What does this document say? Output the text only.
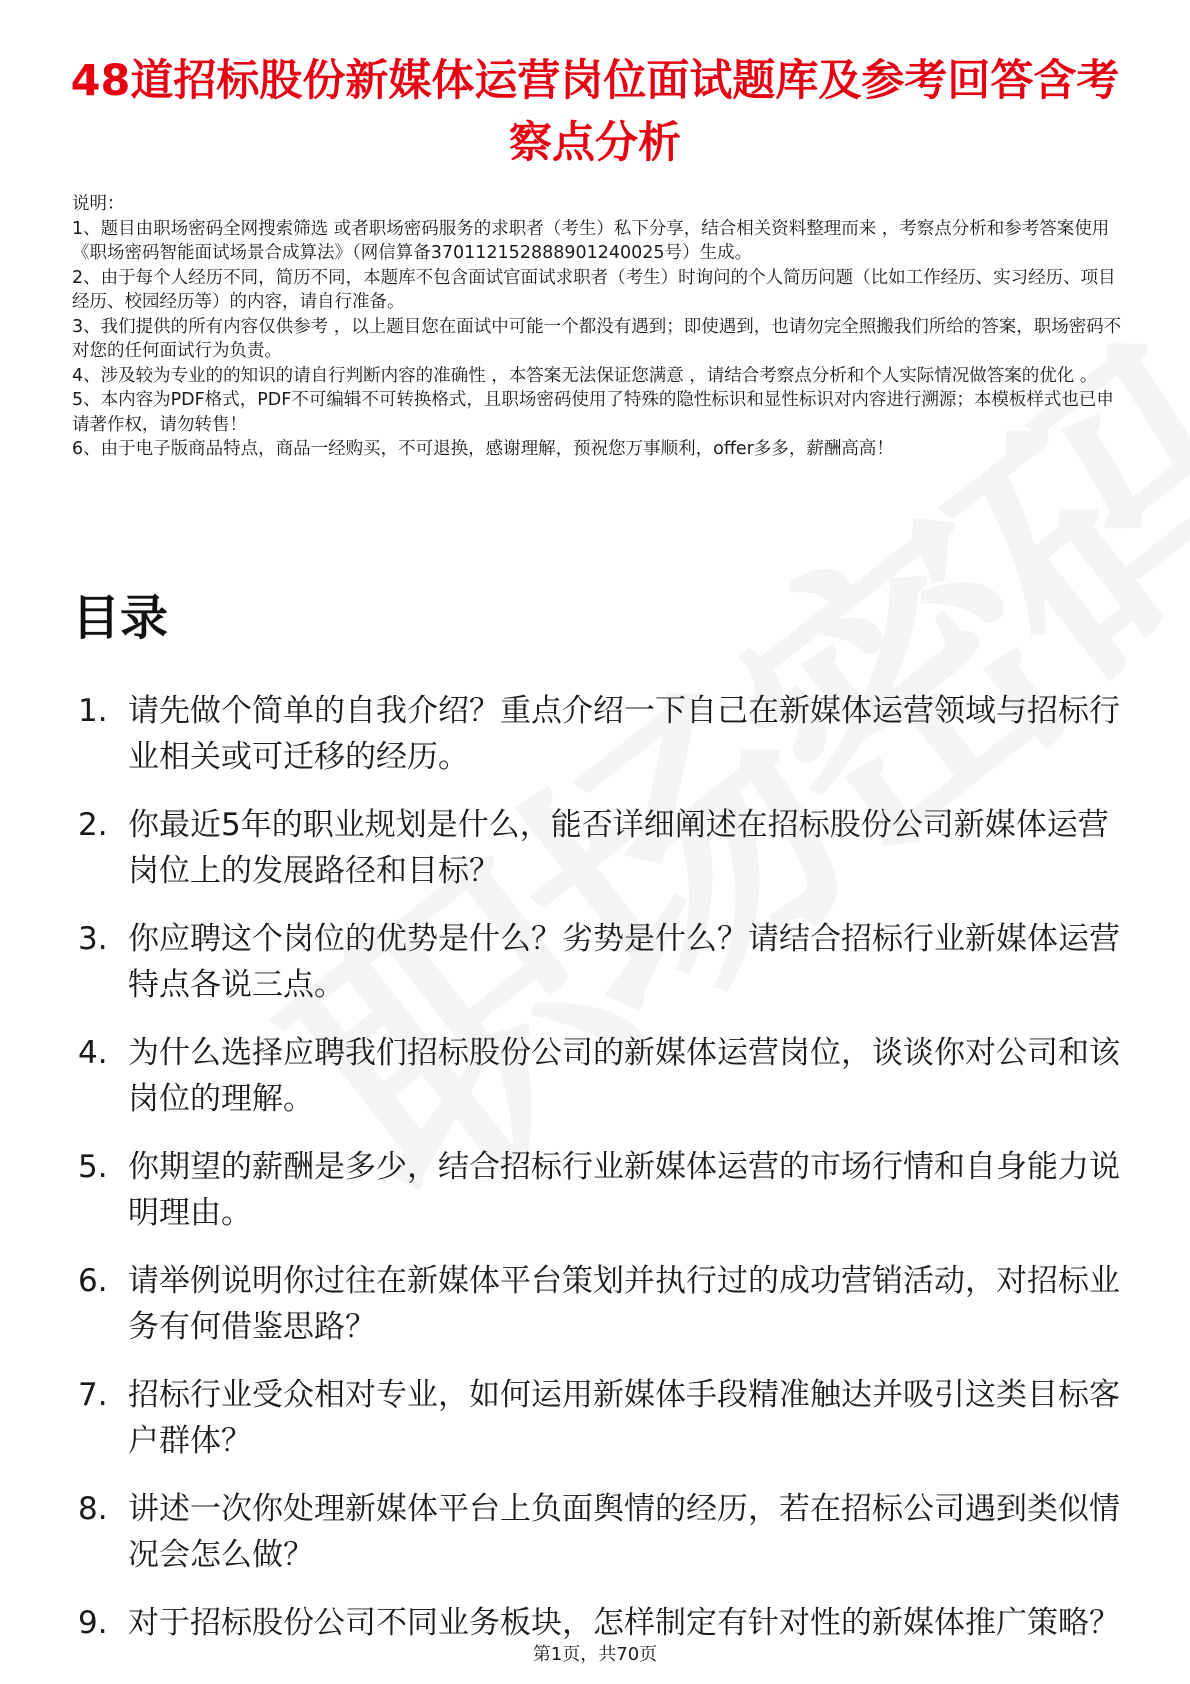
48道招标股份新媒体运营岗位面试题库及参考回答含考察点分析

说明：

1、题目由职场密码全网搜索筛选 或者职场密码服务的求职者（考生）私下分享，结合相关资料整理而来 ，考察点分析和参考答案使用《职场密码智能面试场景合成算法》（网信算备370112152888901240025号）生成。

2、由于每个人经历不同，简历不同，本题库不包含面试官面试求职者（考生）时询问的个人简历问题（比如工作经历、实习经历、项目经历、校园经历等）的内容，请自行准备。

3、我们提供的所有内容仅供参考 ，以上题目您在面试中可能一个都没有遇到；即使遇到，也请勿完全照搬我们所给的答案，职场密码不对您的任何面试行为负责。

4、涉及较为专业的的知识的请自行判断内容的准确性 ，本答案无法保证您满意 ，请结合考察点分析和个人实际情况做答案的优化 。

5、本内容为PDF格式，PDF不可编辑不可转换格式，且职场密码使用了特殊的隐性标识和显性标识对内容进行溯源；本模板样式也已申请著作权，请勿转售！

6、由于电子版商品特点，商品一经购买，不可退换，感谢理解，预祝您万事顺利，offer多多，薪酬高高！

目录
1. 请先做个简单的自我介绍？重点介绍一下自己在新媒体运营领域与招标行业相关或可迁移的经历。
2. 你最近5年的职业规划是什么，能否详细阐述在招标股份公司新媒体运营岗位上的发展路径和目标？
3. 你应聘这个岗位的优势是什么？劣势是什么？请结合招标行业新媒体运营特点各说三点。
4. 为什么选择应聘我们招标股份公司的新媒体运营岗位，谈谈你对公司和该岗位的理解。
5. 你期望的薪酬是多少，结合招标行业新媒体运营的市场行情和自身能力说明理由。
6. 请举例说明你过往在新媒体平台策划并执行过的成功营销活动，对招标业务有何借鉴思路？
7. 招标行业受众相对专业，如何运用新媒体手段精准触达并吸引这类目标客户群体？
8. 讲述一次你处理新媒体平台上负面舆情的经历，若在招标公司遇到类似情况会怎么做？
9. 对于招标股份公司不同业务板块，怎样制定有针对性的新媒体推广策略？
第1页，共70页
